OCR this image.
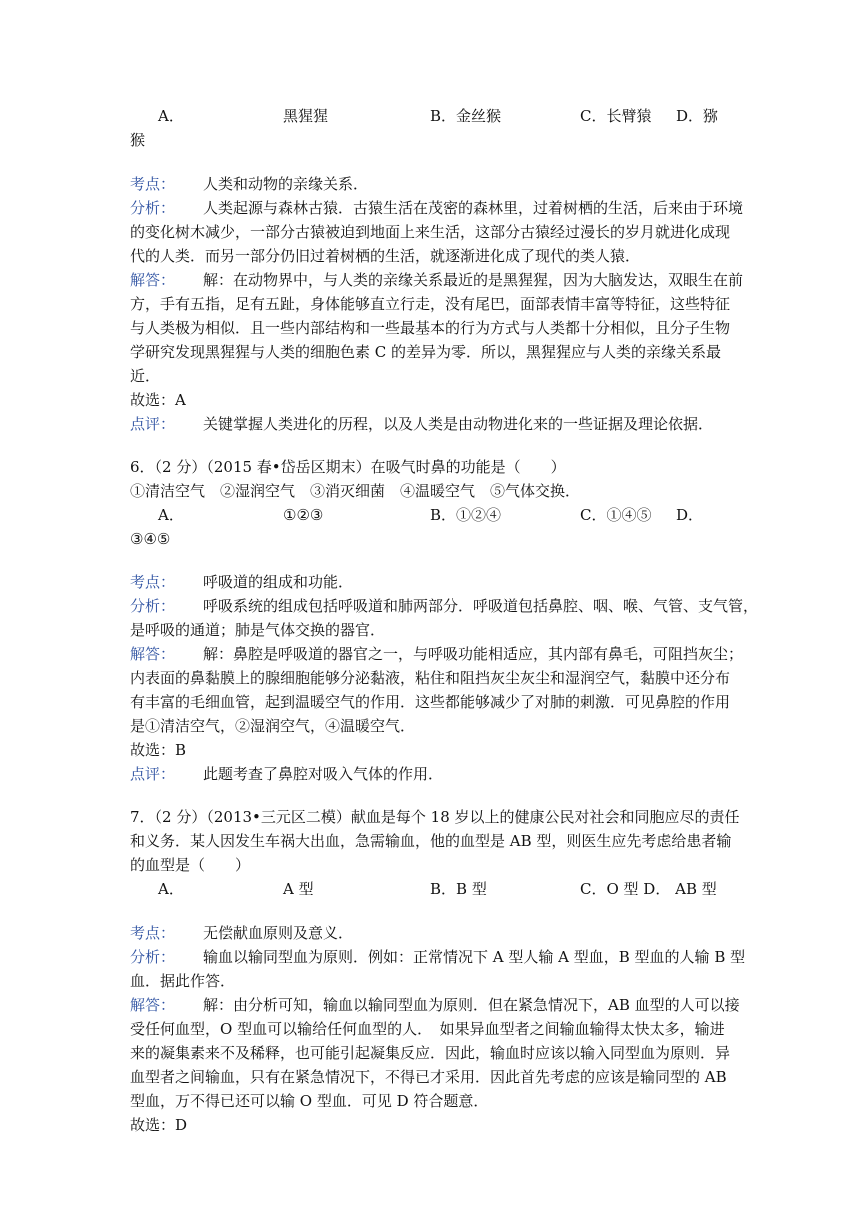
A．	黑猩猩	B．金丝猴	C．长臂猿 D．猕
猴
考点： 人类和动物的亲缘关系．
分析： 人类起源与森林古猿．古猿生活在茂密的森林里，过着树栖的生活，后来由于环境
的变化树木减少，一部分古猿被迫到地面上来生活，这部分古猿经过漫长的岁月就进化成现
代的人类．而另一部分仍旧过着树栖的生活，就逐渐进化成了现代的类人猿．
解答： 解：在动物界中，与人类的亲缘关系最近的是黑猩猩，因为大脑发达，双眼生在前
方，手有五指，足有五趾，身体能够直立行走，没有尾巴，面部表情丰富等特征，这些特征
与人类极为相似．且一些内部结构和一些最基本的行为方式与人类都十分相似，且分子生物
学研究发现黑猩猩与人类的细胞色素 C 的差异为零．所以，黑猩猩应与人类的亲缘关系最
近．
故选：A
点评： 关键掌握人类进化的历程，以及人类是由动物进化来的一些证据及理论依据．
6．（2 分）（2015 春•岱岳区期末）在吸气时鼻的功能是（　　）
①清洁空气　②湿润空气　③消灭细菌　④温暖空气　⑤气体交换．
A．	①②③	B．①②④	C．①④⑤ D．
③④⑤
考点： 呼吸道的组成和功能．
分析： 呼吸系统的组成包括呼吸道和肺两部分．呼吸道包括鼻腔、咽、喉、气管、支气管，
是呼吸的通道；肺是气体交换的器官．
解答： 解：鼻腔是呼吸道的器官之一，与呼吸功能相适应，其内部有鼻毛，可阻挡灰尘；
内表面的鼻黏膜上的腺细胞能够分泌黏液，粘住和阻挡灰尘灰尘和湿润空气，黏膜中还分布
有丰富的毛细血管，起到温暖空气的作用．这些都能够减少了对肺的刺激．可见鼻腔的作用
是①清洁空气，②湿润空气，④温暖空气．
故选：B
点评： 此题考查了鼻腔对吸入气体的作用．
7．（2 分）（2013•三元区二模）献血是每个 18 岁以上的健康公民对社会和同胞应尽的责任
和义务．某人因发生车祸大出血，急需输血，他的血型是 AB 型，则医生应先考虑给患者输
的血型是（　　）
A．	A 型	B．B 型	C．O 型 D． AB 型
考点： 无偿献血原则及意义．
分析： 输血以输同型血为原则．例如：正常情况下 A 型人输 A 型血，B 型血的人输 B 型
血．据此作答．
解答： 解：由分析可知，输血以输同型血为原则．但在紧急情况下，AB 血型的人可以接
受任何血型，O 型血可以输给任何血型的人．　如果异血型者之间输血输得太快太多，输进
来的凝集素来不及稀释，也可能引起凝集反应．因此，输血时应该以输入同型血为原则．异
血型者之间输血，只有在紧急情况下，不得已才采用．因此首先考虑的应该是输同型的 AB
型血，万不得已还可以输 O 型血．可见 D 符合题意．
故选：D
